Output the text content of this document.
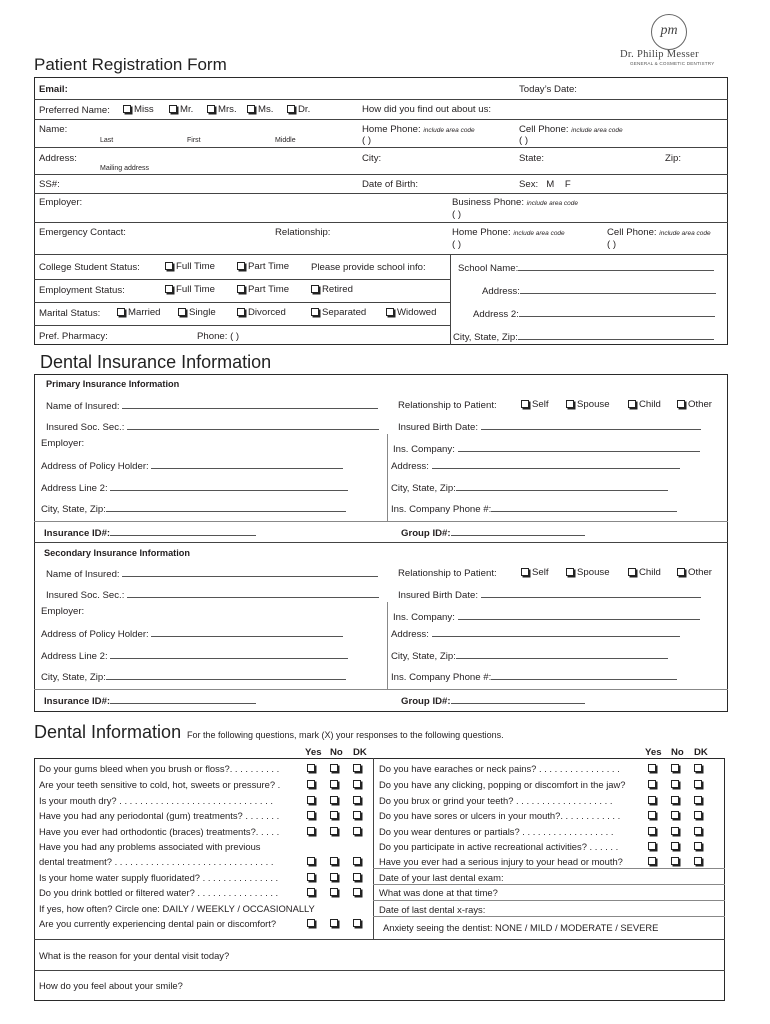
pm
Dr. Philip Messer
GENERAL & COSMETIC DENTISTRY
Patient Registration Form
Email:	Today’s Date:
Preferred Name:	Miss	Mr.	Mrs.	Ms.	Dr.	How did you find out about us:
Name:
Last	First	Middle
Home Phone: include area code
( )
Cell Phone: include area code
( )
Address:
Mailing address
City:	State:	Zip:
SS#:	Date of Birth:	Sex: M F
Employer:	Business Phone: include area code
( )
Emergency Contact:	Relationship:	Home Phone: include area code
( )
Cell Phone: include area code
( )
College Student Status:	Full Time	Part Time Please provide school info:	School Name:
Employment Status:	Full Time	Part Time	Retired	Address:
Marital Status:	Married	Single	Divorced	Separated	Widowed	Address 2:
Pref. Pharmacy:	Phone: ( )	City, State, Zip:
Dental Insurance Information
Primary Insurance Information
Name of Insured:	Relationship to Patient:	Self	Spouse	Child	Other
Insured Soc. Sec.:	Insured Birth Date:
Employer:
Ins. Company:
Address of Policy Holder:	Address:
Address Line 2:	City, State, Zip:
City, State, Zip:	Ins. Company Phone #:
Insurance ID#:	Group ID#:
Secondary Insurance Information
Name of Insured:	Relationship to Patient:	Self	Spouse	Child	Other
Insured Soc. Sec.:	Insured Birth Date:
Employer:
Ins. Company:
Address of Policy Holder:	Address:
Address Line 2:	City, State, Zip:
City, State, Zip:	Ins. Company Phone #:
Insurance ID#:	Group ID#:
Dental Information For the following questions, mark (X) your responses to the following questions.
Yes No DK	Yes No DK
Do your gums bleed when you brush or floss?. . . . . . . . . .
Are your teeth sensitive to cold, hot, sweets or pressure? .
Is your mouth dry? . . . . . . . . . . . . . . . . . . . . . . . . . . . . . .
Have you had any periodontal (gum) treatments? . . . . . . .
Have you ever had orthodontic (braces) treatments?. . . . .
Have you had any problems associated with previous
dental treatment? . . . . . . . . . . . . . . . . . . . . . . . . . . . . . . .
Is your home water supply fluoridated? . . . . . . . . . . . . . . .
Do you drink bottled or filtered water? . . . . . . . . . . . . . . . .
If yes, how often? Circle one: DAILY / WEEKLY / OCCASIONALLY
Are you currently experiencing dental pain or discomfort?
Do you have earaches or neck pains? . . . . . . . . . . . . . . . .
Do you have any clicking, popping or discomfort in the jaw?
Do you brux or grind your teeth? . . . . . . . . . . . . . . . . . . .
Do you have sores or ulcers in your mouth?. . . . . . . . . . . .
Do you wear dentures or partials? . . . . . . . . . . . . . . . . . .
Do you participate in active recreational activities? . . . . . .
Have you ever had a serious injury to your head or mouth?
Date of your last dental exam:
What was done at that time?
Date of last dental x-rays:
Anxiety seeing the dentist: NONE / MILD / MODERATE / SEVERE
What is the reason for your dental visit today?
How do you feel about your smile?
